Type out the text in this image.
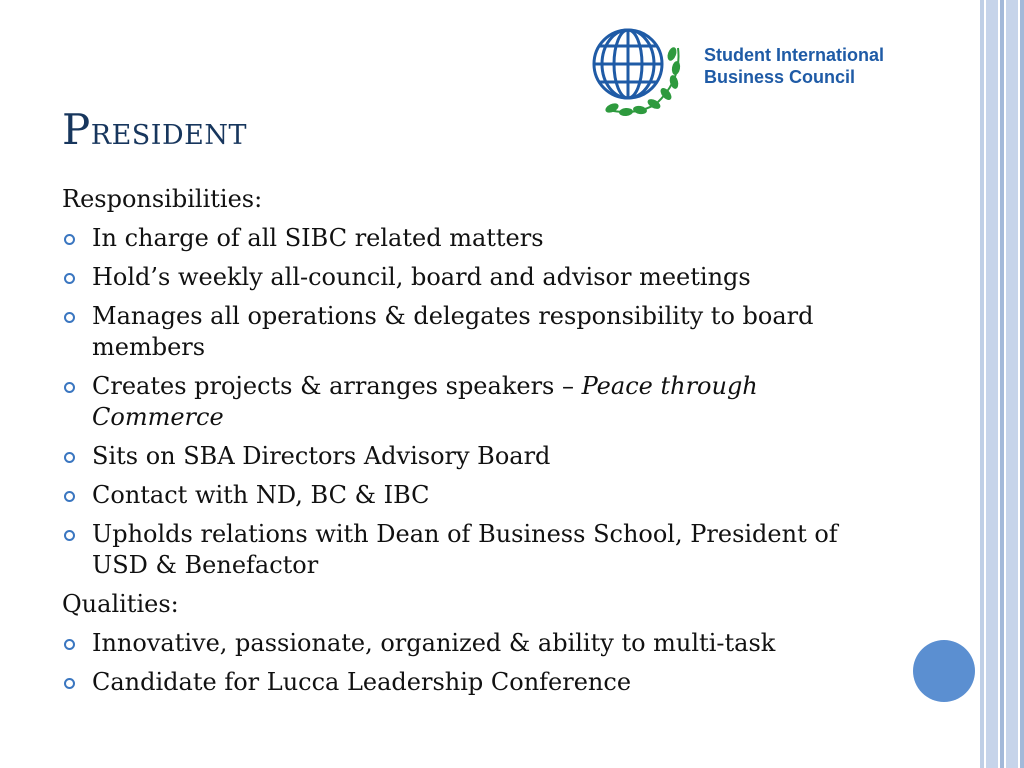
Student International
Business Council
President
Responsibilities:
In charge of all SIBC related matters
Hold’s weekly all-council, board and advisor meetings
Manages all operations & delegates responsibility to board members
Creates projects & arranges speakers – Peace through Commerce
Sits on SBA Directors Advisory Board
Contact with ND, BC & IBC
Upholds relations with Dean of Business School, President of USD & Benefactor
Qualities:
Innovative, passionate, organized & ability to multi-task
Candidate for Lucca Leadership Conference
